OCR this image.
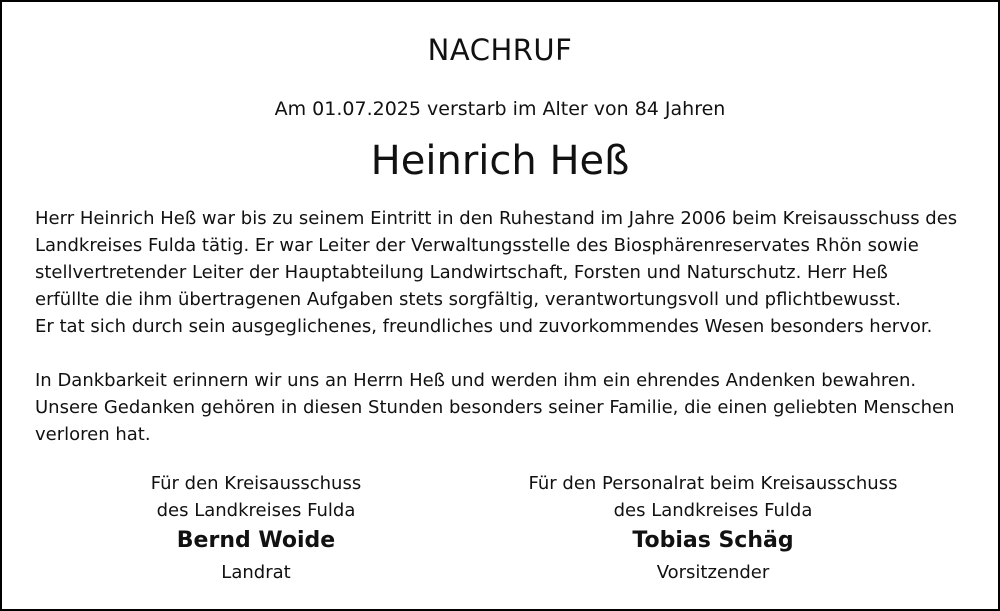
NACHRUF
Am 01.07.2025 verstarb im Alter von 84 Jahren
Heinrich Heß
Herr Heinrich Heß war bis zu seinem Eintritt in den Ruhestand im Jahre 2006 beim Kreisausschuss des
Landkreises Fulda tätig. Er war Leiter der Verwaltungsstelle des Biosphärenreservates Rhön sowie
stellvertretender Leiter der Hauptabteilung Landwirtschaft, Forsten und Naturschutz. Herr Heß
erfüllte die ihm übertragenen Aufgaben stets sorgfältig, verantwortungsvoll und pflichtbewusst.
Er tat sich durch sein ausgeglichenes, freundliches und zuvorkommendes Wesen besonders hervor.
In Dankbarkeit erinnern wir uns an Herrn Heß und werden ihm ein ehrendes Andenken bewahren.
Unsere Gedanken gehören in diesen Stunden besonders seiner Familie, die einen geliebten Menschen
verloren hat.
Für den Kreisausschuss
des Landkreises Fulda
Bernd Woide
Landrat
Für den Personalrat beim Kreisausschuss
des Landkreises Fulda
Tobias Schäg
Vorsitzender
